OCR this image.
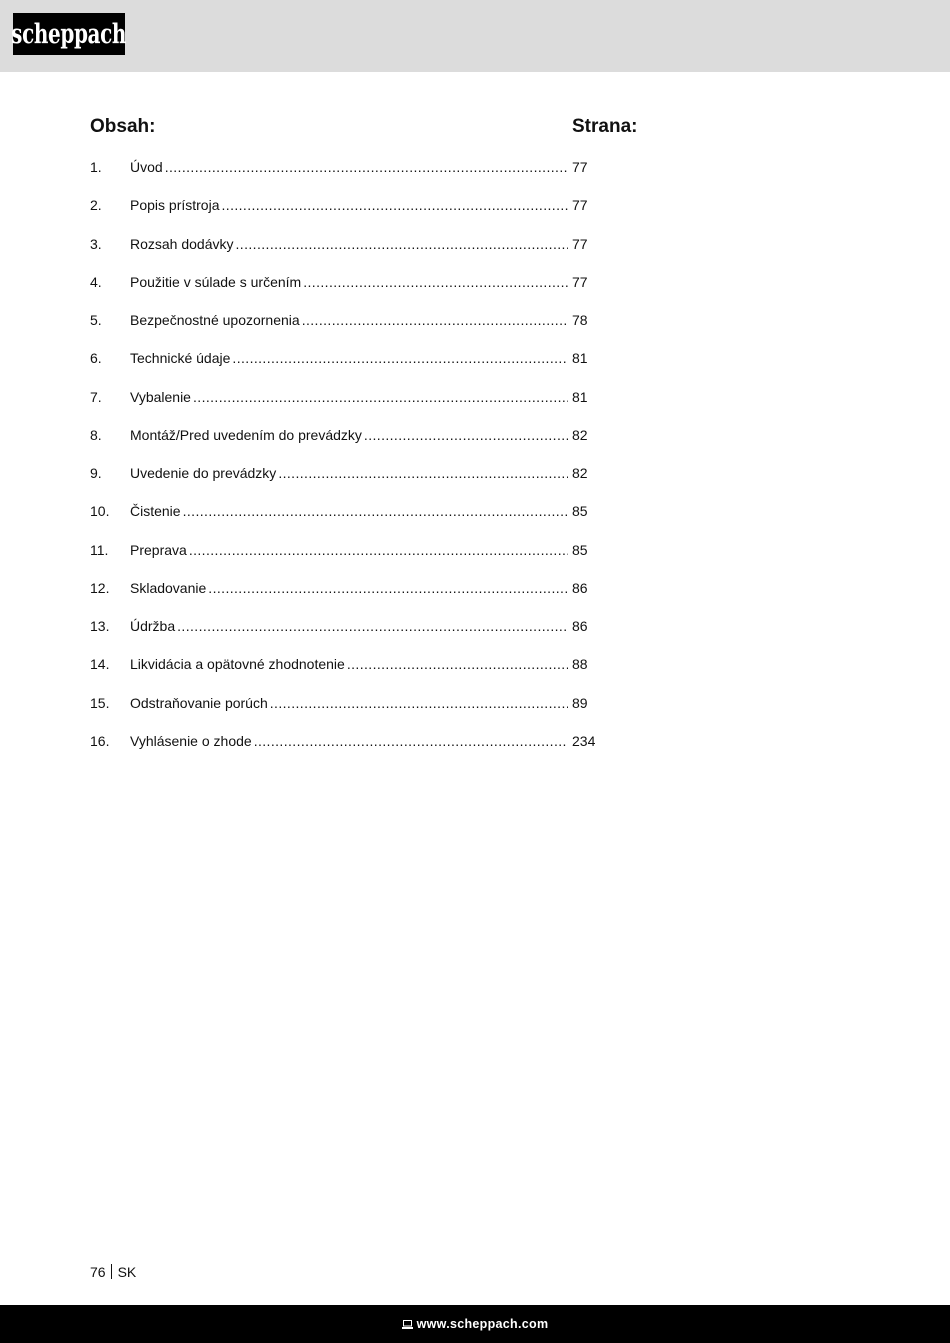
scheppach
Obsah:	Strana:
1.	Úvod .....	77
2.	Popis prístroja .....	77
3.	Rozsah dodávky .....	77
4.	Použitie v súlade s určením .....	77
5.	Bezpečnostné upozornenia .....	78
6.	Technické údaje .....	81
7.	Vybalenie .....	81
8.	Montáž/Pred uvedením do prevádzky .....	82
9.	Uvedenie do prevádzky .....	82
10.	Čistenie .....	85
11.	Preprava .....	85
12.	Skladovanie .....	86
13.	Údržba .....	86
14.	Likvidácia a opätovné zhodnotenie .....	88
15.	Odstraňovanie porúch .....	89
16.	Vyhlásenie o zhode .....	234
76 SK
www.scheppach.com
